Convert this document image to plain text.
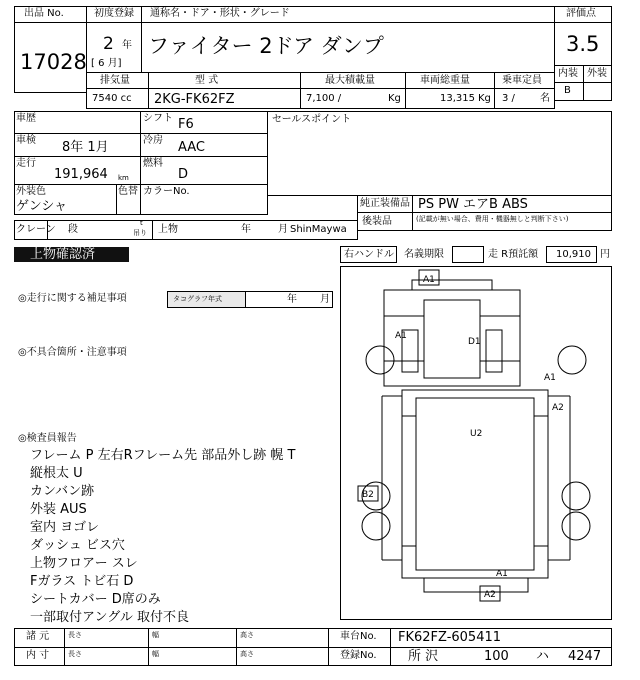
出品 No.
17028
初度登録
2 年
[ 6 月]
通称名・ドア・形状・グレード
ファイター 2ドア ダンプ
評価点
3.5
内装 外装
B
排気量
7540 cc
型 式
2KG-FK62FZ
最大積載量
7,100 /	Kg
車両総重量
13,315 Kg
乗車定員
3 /	名
車歴	シフト F6
車検 8年 1月	冷房 AAC
走行
191,964 km
燃料
D
外装色
ゲンシャ
色替 カラーNo.
セールスポイント
純正装備品 PS PW エアB ABS
後装品	(記載が無い場合、費用・機器無しと判断下さい)
クレーン 段
t
吊り 上物	年	月 ShinMaywa
上物確認済	右ハンドル 名義期限	走 R預託額 10,910 円
◎走行に関する補足事項	タコグラフ年式	年 月
◎不具合箇所・注意事項
◎検査員報告
フレーム P 左右Rフレーム先 部品外し跡 幌 T
縦根太 U
カンバン跡
外装 AUS
室内 ヨゴレ
ダッシュ ビス穴
上物フロアー スレ
Fガラス トビ石 D
シートカバー D席のみ
一部取付アングル 取付不良
A1
A1
D1
A1
A2
U2
B2
A1
A2
諸 元
内 寸
長さ	幅	高さ
長さ	幅	高さ
車台No. FK62FZ-605411
登録No. 所 沢	100 ハ 4247
